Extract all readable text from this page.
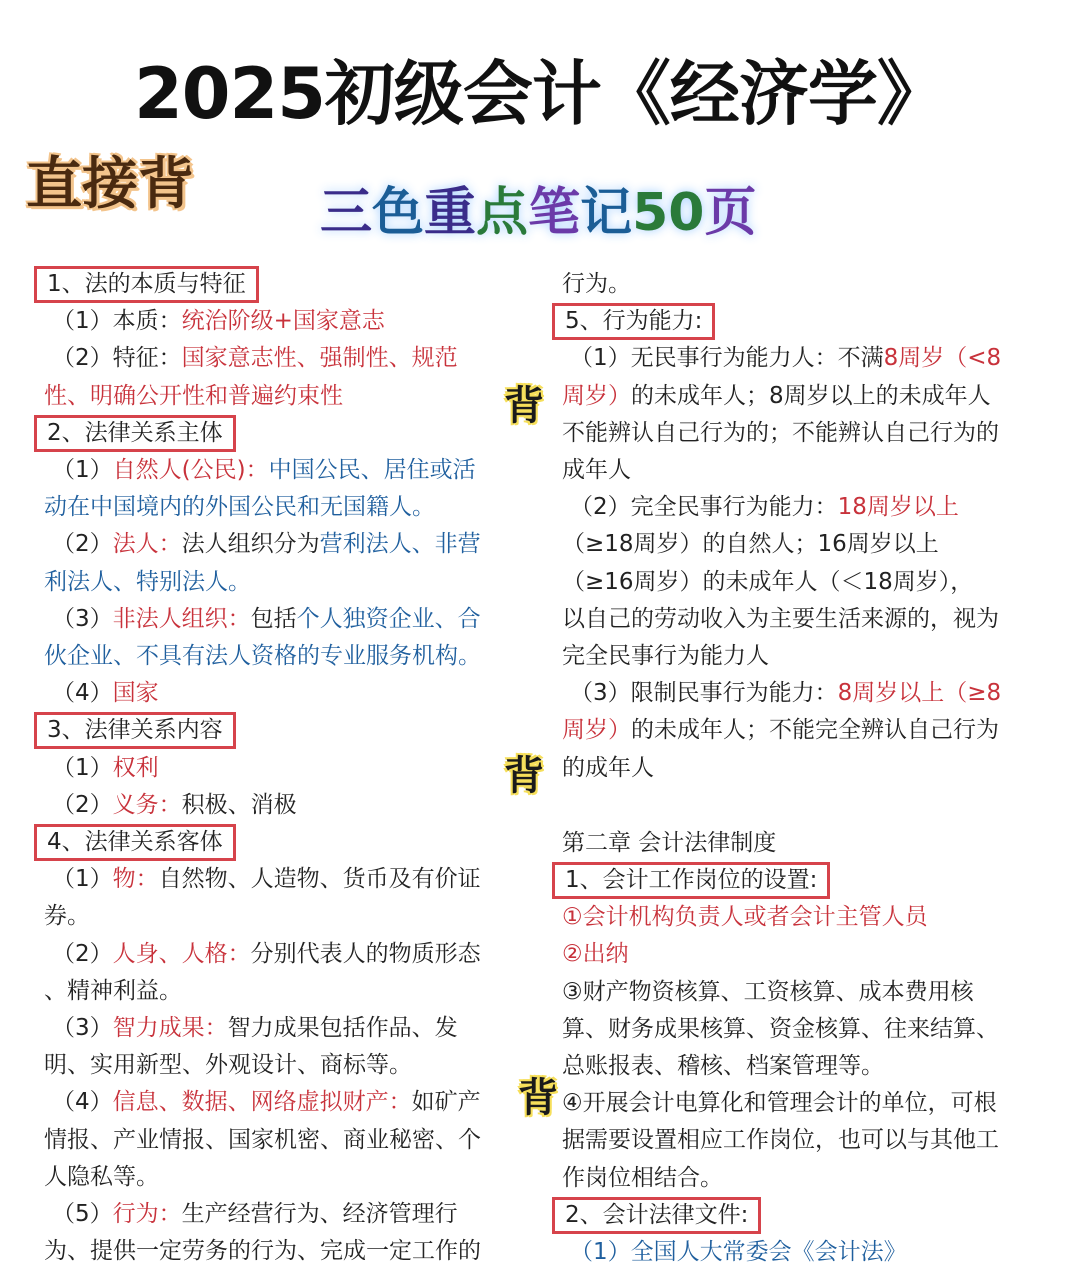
2025初级会计《经济学》
直接背 三色重点笔记50页

1、法的本质与特征

（1）本质：统治阶级+国家意志

（2）特征：国家意志性、强制性、规范

性、明确公开性和普遍约束性

2、法律关系主体

（1）自然人(公民)：中国公民、居住或活

动在中国境内的外国公民和无国籍人。

（2）法人：法人组织分为营利法人、非营

利法人、特别法人。

（3）非法人组织：包括个人独资企业、合

伙企业、不具有法人资格的专业服务机构。

（4）国家

3、法律关系内容

（1）权利

（2）义务：积极、消极

4、法律关系客体

（1）物：自然物、人造物、货币及有价证

券。

（2）人身、人格：分别代表人的物质形态

、精神利益。

（3）智力成果：智力成果包括作品、发

明、实用新型、外观设计、商标等。

（4）信息、数据、网络虚拟财产：如矿产

情报、产业情报、国家机密、商业秘密、个

人隐私等。

（5）行为：生产经营行为、经济管理行

为、提供一定劳务的行为、完成一定工作的

行为。

5、行为能力:

（1）无民事行为能力人：不满8周岁（<8

周岁）的未成年人；8周岁以上的未成年人

不能辨认自己行为的；不能辨认自己行为的

成年人

（2）完全民事行为能力：18周岁以上

（≥18周岁）的自然人；16周岁以上

（≥16周岁）的未成年人（＜18周岁），

以自己的劳动收入为主要生活来源的，视为

完全民事行为能力人

（3）限制民事行为能力：8周岁以上（≥8

周岁）的未成年人；不能完全辨认自己行为

的成年人

第二章 会计法律制度

1、会计工作岗位的设置:

①会计机构负责人或者会计主管人员

②出纳

③财产物资核算、工资核算、成本费用核

算、财务成果核算、资金核算、往来结算、

总账报表、稽核、档案管理等。

④开展会计电算化和管理会计的单位，可根

据需要设置相应工作岗位，也可以与其他工

作岗位相结合。

2、会计法律文件:

（1）全国人大常委会《会计法》

背
背
背
